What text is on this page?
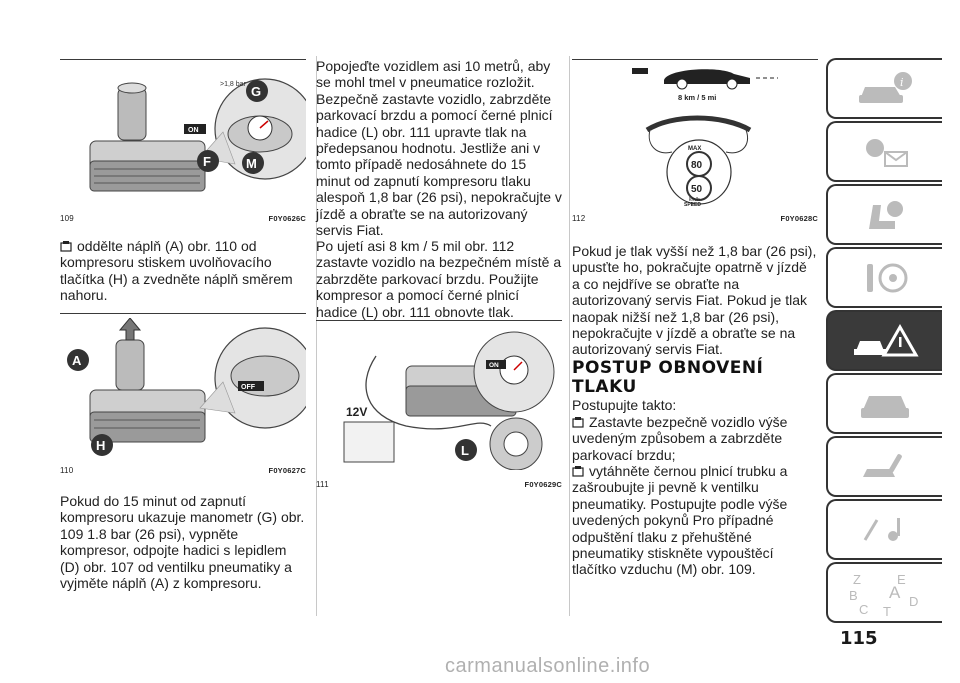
>1,8 bar
ON
G
F	M
109	F0Y0626C

oddělte náplň (A) obr. 110 od kompresoru stiskem uvolňovacího tlačítka (H) a zvedněte náplň směrem nahoru.

OFF
A
H
110	F0Y0627C

Pokud do 15 minut od zapnutí kompresoru ukazuje manometr (G) obr. 109 1.8 bar (26 psi), vypněte kompresor, odpojte hadici s lepidlem (D) obr. 107 od ventilku pneumatiky a vyjměte náplň (A) z kompresoru.

Popojeďte vozidlem asi 10 metrů, aby se mohl tmel v pneumatice rozložit. Bezpečně zastavte vozidlo, zabrzděte parkovací brzdu a pomocí černé plnicí hadice (L) obr. 111 upravte tlak na předepsanou hodnotu. Jestliže ani v tomto případě nedosáhnete do 15 minut od zapnutí kompresoru tlaku alespoň 1,8 bar (26 psi), nepokračujte v jízdě a obraťte se na autorizovaný servis Fiat.

Po ujetí asi 8 km / 5 mil obr. 112 zastavte vozidlo na bezpečném místě a zabrzděte parkovací brzdu. Použijte kompresor a pomocí černé plnicí hadice (L) obr. 111 obnovte tlak.

ON
12V
L
111	F0Y0629C
8 km / 5 mi
MAX
80
50
km/h
SPEED
112	F0Y0628C

Pokud je tlak vyšší než 1,8 bar (26 psi), upusťte ho, pokračujte opatrně v jízdě a co nejdříve se obraťte na autorizovaný servis Fiat. Pokud je tlak naopak nižší než 1,8 bar (26 psi), nepokračujte v jízdě a obraťte se na autorizovaný servis Fiat.

POSTUP OBNOVENÍ TLAKU

Postupujte takto:

Zastavte bezpečně vozidlo výše uvedeným způsobem a zabrzděte parkovací brzdu;

vytáhněte černou plnicí trubku a zašroubujte ji pevně k ventilku pneumatiky. Postupujte podle výše uvedených pokynů Pro případné odpuštění tlaku z přehuštěné pneumatiky stiskněte vypouštěcí tlačítko vzduchu (M) obr. 109.

i
Z	E
B A
C T
D
115
carmanualsonline.info
